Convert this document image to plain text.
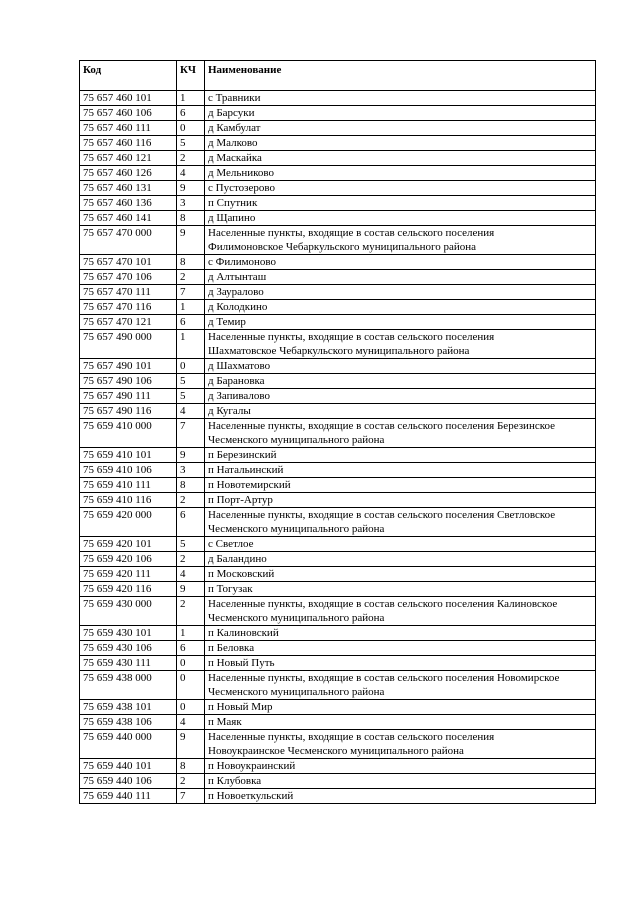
Код	КЧ	Наименование
75 657 460 101	1	с Травники

75 657 460 106	6	д Барсуки

75 657 460 111	0	д Камбулат

75 657 460 116	5	д Малково

75 657 460 121	2	д Маскайка

75 657 460 126	4	д Мельниково

75 657 460 131	9	с Пустозерово

75 657 460 136	3	п Спутник

75 657 460 141	8	д Щапино

75 657 470 000	9	Населенные пункты, входящие в состав сельского поселения
Филимоновское Чебаркульского муниципального района

75 657 470 101	8	с Филимоново

75 657 470 106	2	д Алтынташ

75 657 470 111	7	д Зауралово

75 657 470 116	1	д Колодкино

75 657 470 121	6	д Темир

75 657 490 000	1	Населенные пункты, входящие в состав сельского поселения
Шахматовское Чебаркульского муниципального района

75 657 490 101	0	д Шахматово

75 657 490 106	5	д Барановка

75 657 490 111	5	д Запивалово

75 657 490 116	4	д Кугалы

75 659 410 000	7	Населенные пункты, входящие в состав сельского поселения Березинское
Чесменского муниципального района

75 659 410 101	9	п Березинский

75 659 410 106	3	п Натальинский

75 659 410 111	8	п Новотемирский

75 659 410 116	2	п Порт-Артур

75 659 420 000	6	Населенные пункты, входящие в состав сельского поселения Светловское
Чесменского муниципального района

75 659 420 101	5	с Светлое

75 659 420 106	2	д Баландино

75 659 420 111	4	п Московский

75 659 420 116	9	п Тогузак

75 659 430 000	2	Населенные пункты, входящие в состав сельского поселения Калиновское
Чесменского муниципального района

75 659 430 101	1	п Калиновский

75 659 430 106	6	п Беловка

75 659 430 111	0	п Новый Путь

75 659 438 000	0	Населенные пункты, входящие в состав сельского поселения Новомирское
Чесменского муниципального района

75 659 438 101	0	п Новый Мир

75 659 438 106	4	п Маяк

75 659 440 000	9	Населенные пункты, входящие в состав сельского поселения
Новоукраинское Чесменского муниципального района

75 659 440 101	8	п Новоукраинский

75 659 440 106	2	п Клубовка

75 659 440 111	7	п Новоеткульский
